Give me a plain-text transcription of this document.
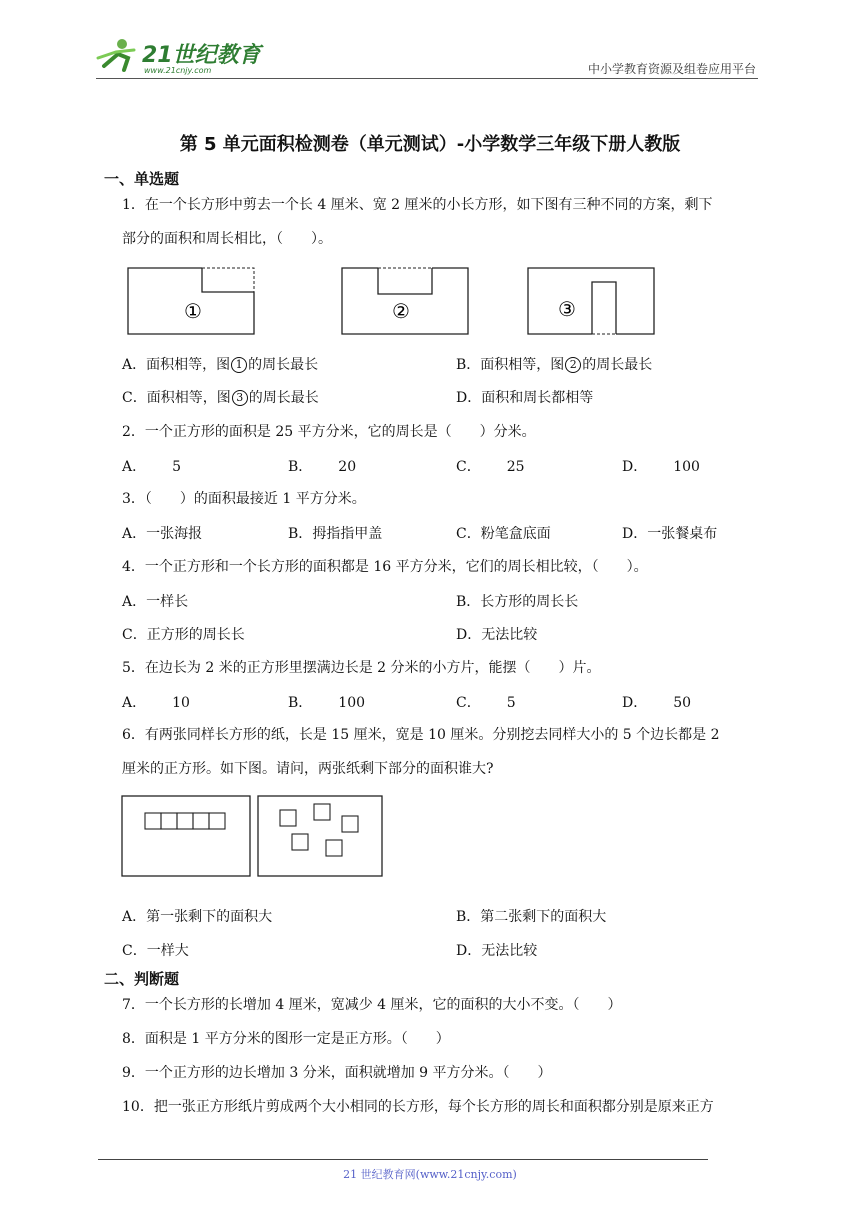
21世纪教育
www.21cnjy.com	中小学教育资源及组卷应用平台
第 5 单元面积检测卷（单元测试）-小学数学三年级下册人教版
一、单选题
1．在一个长方形中剪去一个长 4 厘米、宽 2 厘米的小长方形，如下图有三种不同的方案，剩下
部分的面积和周长相比，（　　）。
①	②	③
A．面积相等，图 1 的周长最长	B．面积相等，图 2 的周长最长
C．面积相等，图 3 的周长最长	D．面积和周长都相等
2．一个正方形的面积是 25 平方分米，它的周长是（　　）分米。
A． 5	B． 20	C． 25	D． 100
3．（　　）的面积最接近 1 平方分米。
A．一张海报	B．拇指指甲盖	C．粉笔盒底面	D．一张餐桌布
4．一个正方形和一个长方形的面积都是 16 平方分米，它们的周长相比较，（　　）。
A．一样长	B．长方形的周长长
C．正方形的周长长	D．无法比较
5．在边长为 2 米的正方形里摆满边长是 2 分米的小方片，能摆（　　）片。
A． 10	B． 100	C． 5	D． 50
6．有两张同样长方形的纸，长是 15 厘米，宽是 10 厘米。分别挖去同样大小的 5 个边长都是 2
厘米的正方形。如下图。请问，两张纸剩下部分的面积谁大?
A．第一张剩下的面积大	B．第二张剩下的面积大
C．一样大	D．无法比较
二、判断题
7．一个长方形的长增加 4 厘米，宽减少 4 厘米，它的面积的大小不变。（　　）
8．面积是 1 平方分米的图形一定是正方形。（　　）
9．一个正方形的边长增加 3 分米，面积就增加 9 平方分米。（　　）
10．把一张正方形纸片剪成两个大小相同的长方形，每个长方形的周长和面积都分别是原来正方
21 世纪教育网(www.21cnjy.com)
